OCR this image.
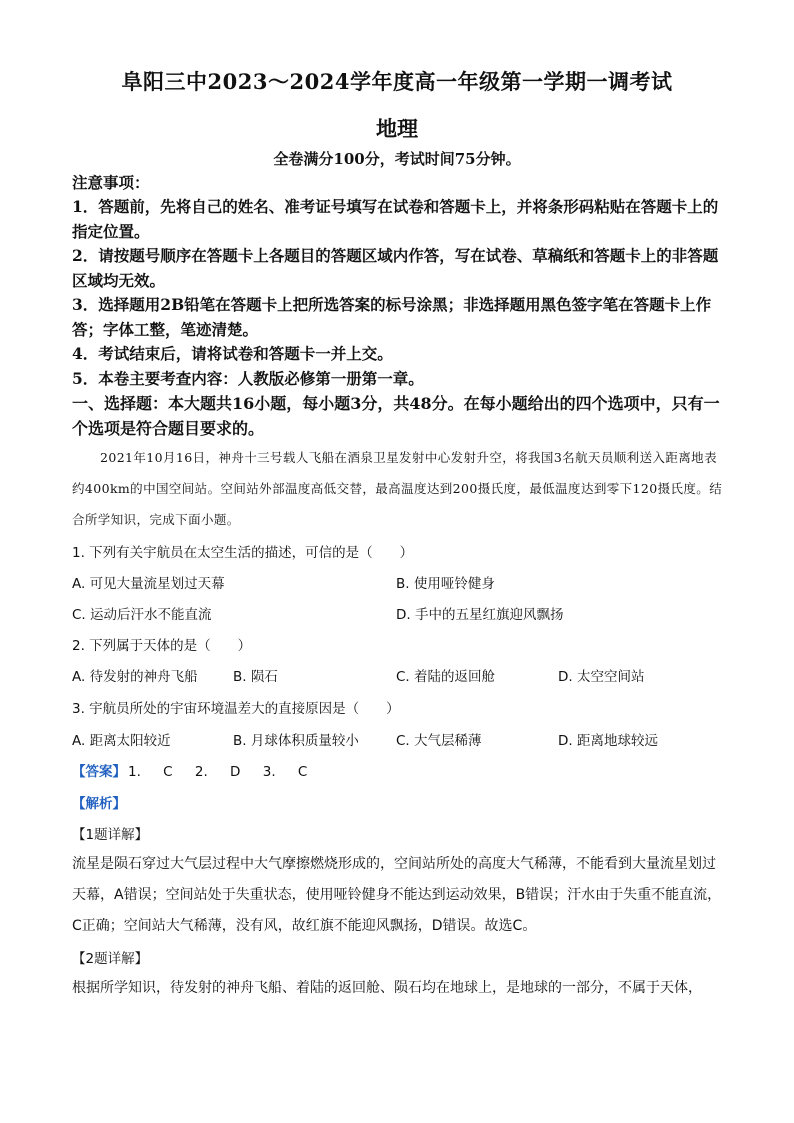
阜阳三中2023～2024学年度高一年级第一学期一调考试
地理
全卷满分100分，考试时间75分钟。
注意事项：

1．答题前，先将自己的姓名、准考证号填写在试卷和答题卡上，并将条形码粘贴在答题卡上的指定位置。

2．请按题号顺序在答题卡上各题目的答题区域内作答，写在试卷、草稿纸和答题卡上的非答题区域均无效。

3．选择题用2B铅笔在答题卡上把所选答案的标号涂黑；非选择题用黑色签字笔在答题卡上作答；字体工整，笔迹清楚。

4．考试结束后，请将试卷和答题卡一并上交。

5．本卷主要考查内容：人教版必修第一册第一章。

一、选择题：本大题共16小题，每小题3分，共48分。在每小题给出的四个选项中，只有一个选项是符合题目要求的。
2021年10月16日，神舟十三号载人飞船在酒泉卫星发射中心发射升空，将我国3名航天员顺利送入距离地表约400km的中国空间站。空间站外部温度高低交替，最高温度达到200摄氏度，最低温度达到零下120摄氏度。结合所学知识，完成下面小题。
1. 下列有关宇航员在太空生活的描述，可信的是（　　）
A. 可见大量流星划过天幕	B. 使用哑铃健身
C. 运动后汗水不能直流	D. 手中的五星红旗迎风飘扬
2. 下列属于天体的是（　　）
A. 待发射的神舟飞船	B. 陨石	C. 着陆的返回舱	D. 太空空间站
3. 宇航员所处的宇宙环境温差大的直接原因是（　　）
A. 距离太阳较近	B. 月球体积质量较小	C. 大气层稀薄	D. 距离地球较远
【答案】 1. C 2. D 3. C
【解析】
【1题详解】
流星是陨石穿过大气层过程中大气摩擦燃烧形成的，空间站所处的高度大气稀薄，不能看到大量流星划过天幕，A错误；空间站处于失重状态，使用哑铃健身不能达到运动效果，B错误；汗水由于失重不能直流，C正确；空间站大气稀薄，没有风，故红旗不能迎风飘扬，D错误。故选C。
【2题详解】
根据所学知识，待发射的神舟飞船、着陆的返回舱、陨石均在地球上，是地球的一部分，不属于天体，
